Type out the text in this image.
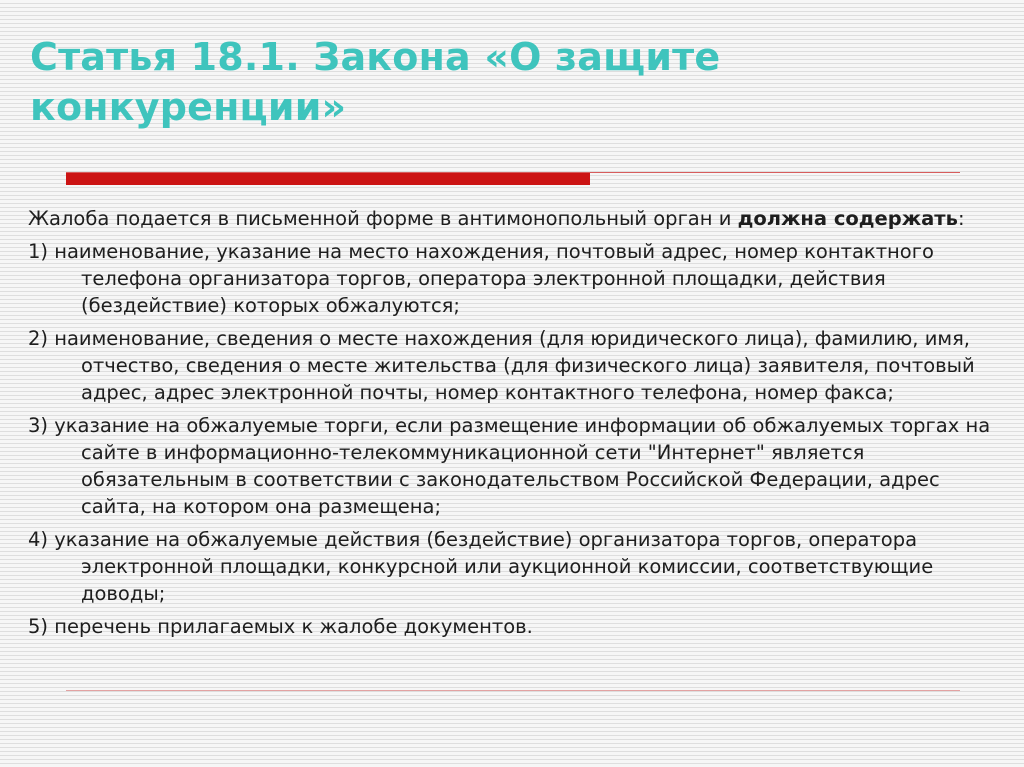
Статья 18.1. Закона «О защите конкуренции»

Жалоба подается в письменной форме в антимонопольный орган и должна содержать:

1) наименование, указание на место нахождения, почтовый адрес, номер контактного телефона организатора торгов, оператора электронной площадки, действия (бездействие) которых обжалуются;

2) наименование, сведения о месте нахождения (для юридического лица), фамилию, имя, отчество, сведения о месте жительства (для физического лица) заявителя, почтовый адрес, адрес электронной почты, номер контактного телефона, номер факса;

3) указание на обжалуемые торги, если размещение информации об обжалуемых торгах на сайте в информационно-телекоммуникационной сети "Интернет" является обязательным в соответствии с законодательством Российской Федерации, адрес сайта, на котором она размещена;

4) указание на обжалуемые действия (бездействие) организатора торгов, оператора электронной площадки, конкурсной или аукционной комиссии, соответствующие доводы;

5) перечень прилагаемых к жалобе документов.
